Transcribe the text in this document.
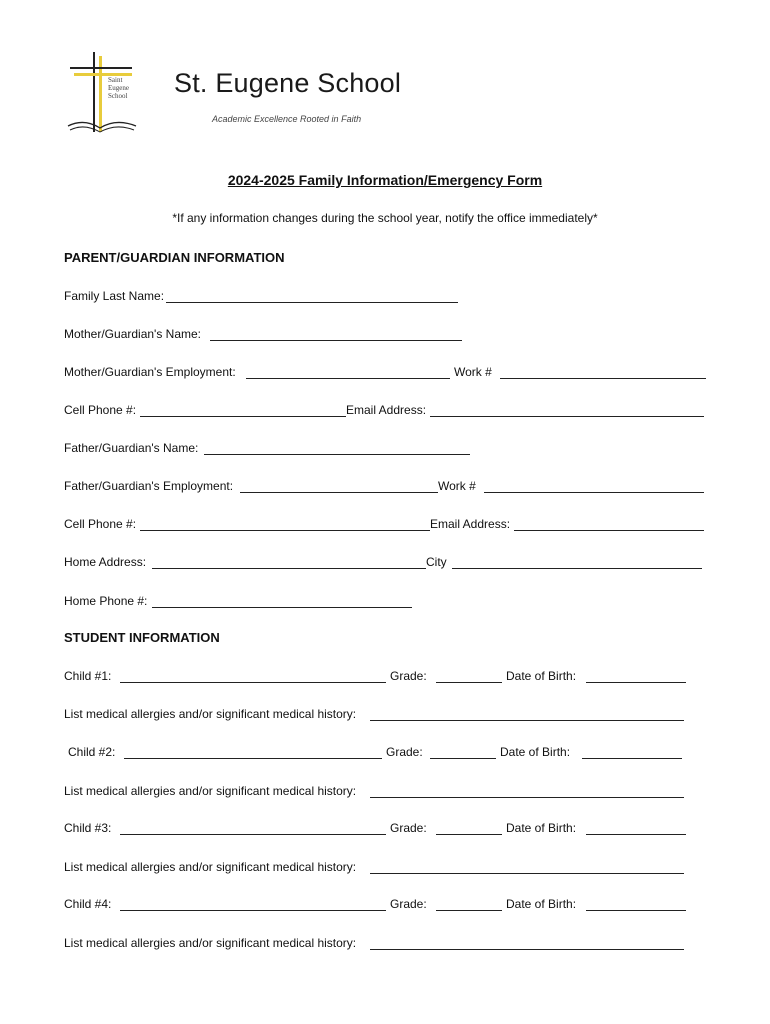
Saint Eugene School	St. Eugene School
Academic Excellence Rooted in Faith
2024-2025 Family Information/Emergency Form
*If any information changes during the school year, notify the office immediately*
PARENT/GUARDIAN INFORMATION
Family Last Name:
Mother/Guardian's Name:
Mother/Guardian's Employment:	Work #
Cell Phone #:	Email Address:
Father/Guardian's Name:
Father/Guardian's Employment:	Work #
Cell Phone #:	Email Address:
Home Address:	City
Home Phone #:
STUDENT INFORMATION
Child #1:	Grade:	Date of Birth:
List medical allergies and/or significant medical history:
Child #2:	Grade:	Date of Birth:
List medical allergies and/or significant medical history:
Child #3:	Grade:	Date of Birth:
List medical allergies and/or significant medical history:
Child #4:	Grade:	Date of Birth:
List medical allergies and/or significant medical history:
